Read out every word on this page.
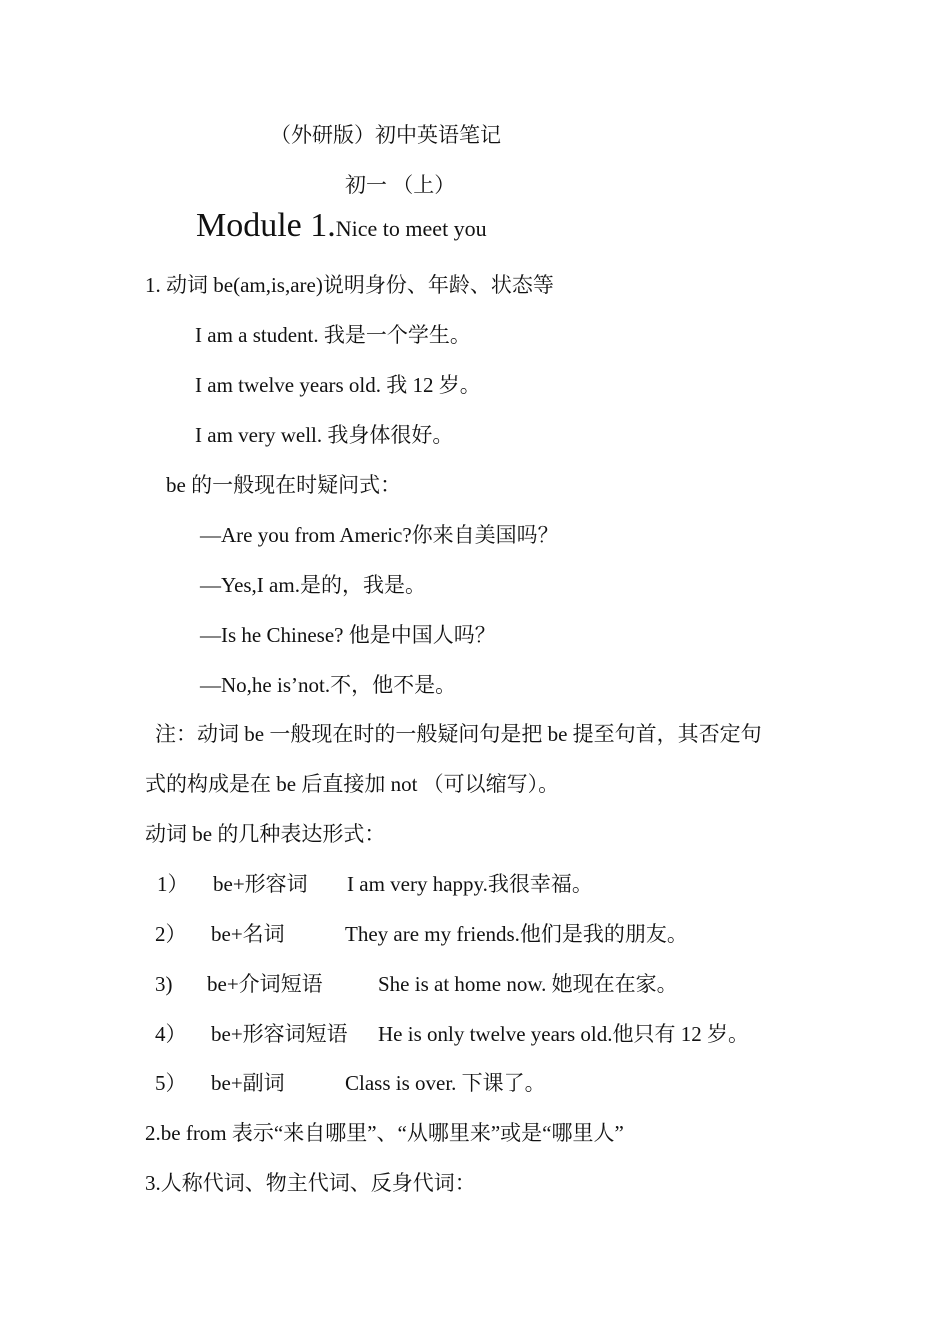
（外研版）初中英语笔记
初一 （上）
Module 1.Nice to meet you
1. 动词 be(am,is,are)说明身份、年龄、状态等
I am a student. 我是一个学生。
I am twelve years old. 我 12 岁。
I am very well. 我身体很好。
be 的一般现在时疑问式：
—Are you from Americ?你来自美国吗？
—Yes,I am.是的，我是。
—Is he Chinese? 他是中国人吗？
—No,he is’not.不，他不是。
注：动词 be 一般现在时的一般疑问句是把 be 提至句首，其否定句
式的构成是在 be 后直接加 not （可以缩写）。
动词 be 的几种表达形式：
1） be+形容词 I am very happy.我很幸福。
2） be+名词	They are my friends.他们是我的朋友。
3) be+介词短语	She is at home now. 她现在在家。
4） be+形容词短语 He is only twelve years old.他只有 12 岁。
5） be+副词	Class is over. 下课了。
2.be from 表示“来自哪里”、“从哪里来”或是“哪里人”
3.人称代词、物主代词、反身代词：
